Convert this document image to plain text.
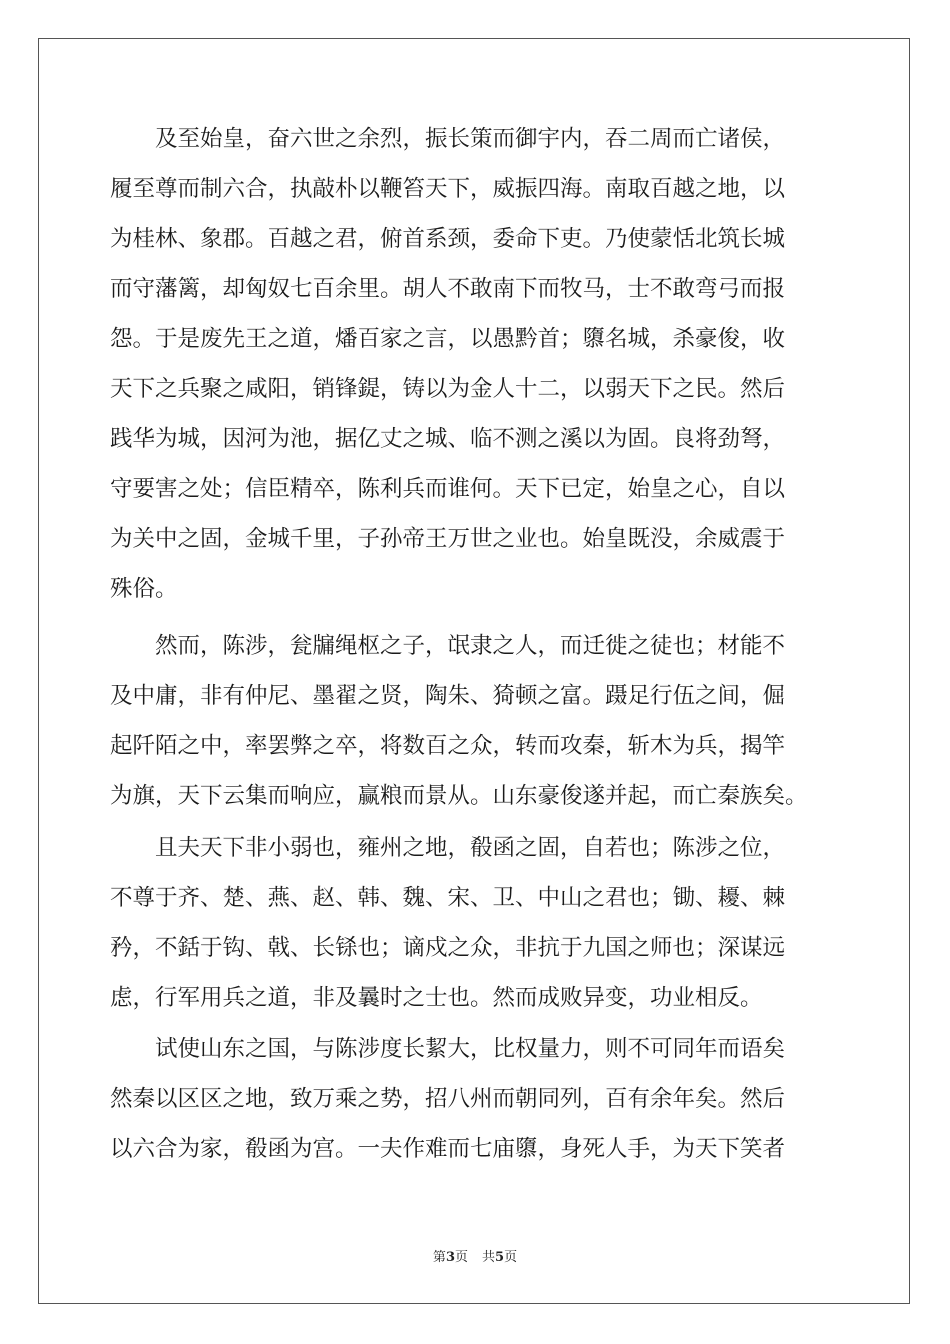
　　及至始皇，奋六世之余烈，振长策而御宇内，吞二周而亡诸侯，
履至尊而制六合，执敲朴以鞭笞天下，威振四海。南取百越之地，以
为桂林、象郡。百越之君，俯首系颈，委命下吏。乃使蒙恬北筑长城
而守藩篱，却匈奴七百余里。胡人不敢南下而牧马，士不敢弯弓而报
怨。于是废先王之道，燔百家之言，以愚黔首；隳名城，杀豪俊，收
天下之兵聚之咸阳，销锋鍉，铸以为金人十二，以弱天下之民。然后
践华为城，因河为池，据亿丈之城、临不测之溪以为固。良将劲弩，
守要害之处；信臣精卒，陈利兵而谁何。天下已定，始皇之心，自以
为关中之固，金城千里，子孙帝王万世之业也。始皇既没，余威震于
殊俗。
　　然而，陈涉，瓮牖绳枢之子，氓隶之人，而迁徙之徒也；材能不
及中庸，非有仲尼、墨翟之贤，陶朱、猗顿之富。蹑足行伍之间，倔
起阡陌之中，率罢弊之卒，将数百之众，转而攻秦，斩木为兵，揭竿
为旗，天下云集而响应，赢粮而景从。山东豪俊遂并起，而亡秦族矣。
　　且夫天下非小弱也，雍州之地，殽函之固，自若也；陈涉之位，
不尊于齐、楚、燕、赵、韩、魏、宋、卫、中山之君也；锄、耰、棘
矜，不銛于钩、戟、长铩也；谪戍之众，非抗于九国之师也；深谋远
虑，行军用兵之道，非及曩时之士也。然而成败异变，功业相反。
　　试使山东之国，与陈涉度长絜大，比权量力，则不可同年而语矣
然秦以区区之地，致万乘之势，招八州而朝同列，百有余年矣。然后
以六合为家，殽函为宫。一夫作难而七庙隳，身死人手，为天下笑者
第3页 共5页
